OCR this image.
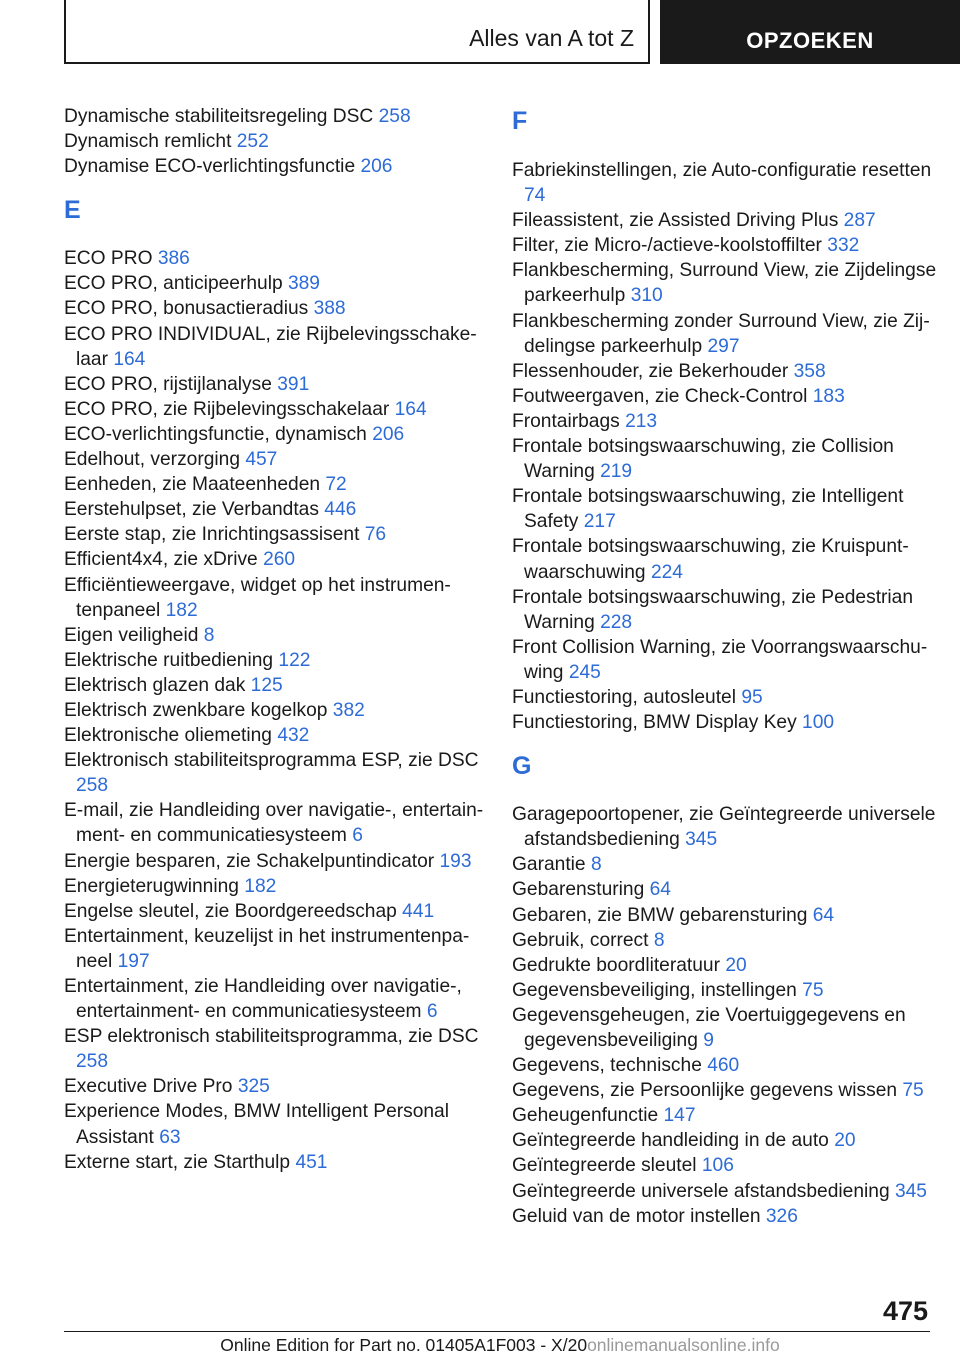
Alles van A tot Z	OPZOEKEN
Dynamische stabiliteitsregeling DSC 258
Dynamisch remlicht 252
Dynamise ECO-verlichtingsfunctie 206
E
ECO PRO 386
ECO PRO, anticipeerhulp 389
ECO PRO, bonusactieradius 388
ECO PRO INDIVIDUAL, zie Rijbelevingsschakelaar 164
ECO PRO, rijstijlanalyse 391
ECO PRO, zie Rijbelevingsschakelaar 164
ECO-verlichtingsfunctie, dynamisch 206
Edelhout, verzorging 457
Eenheden, zie Maateenheden 72
Eerstehulpset, zie Verbandtas 446
Eerste stap, zie Inrichtingsassisent 76
Efficient4x4, zie xDrive 260
Efficiëntieweergave, widget op het instrumentenpaneel 182
Eigen veiligheid 8
Elektrische ruitbediening 122
Elektrisch glazen dak 125
Elektrisch zwenkbare kogelkop 382
Elektronische oliemeting 432
Elektronisch stabiliteitsprogramma ESP, zie DSC 258
E-mail, zie Handleiding over navigatie-, entertainment- en communicatiesysteem 6
Energie besparen, zie Schakelpuntindicator 193
Energieterugwinning 182
Engelse sleutel, zie Boordgereedschap 441
Entertainment, keuzelijst in het instrumentenpaneel 197
Entertainment, zie Handleiding over navigatie-, entertainment- en communicatiesysteem 6
ESP elektronisch stabiliteitsprogramma, zie DSC 258
Executive Drive Pro 325
Experience Modes, BMW Intelligent Personal Assistant 63
Externe start, zie Starthulp 451
F
Fabriekinstellingen, zie Auto-configuratie resetten 74
Fileassistent, zie Assisted Driving Plus 287
Filter, zie Micro-/actieve-koolstoffilter 332
Flankbescherming, Surround View, zie Zijdelingse parkeerhulp 310
Flankbescherming zonder Surround View, zie Zijdelingse parkeerhulp 297
Flessenhouder, zie Bekerhouder 358
Foutweergaven, zie Check-Control 183
Frontairbags 213
Frontale botsingswaarschuwing, zie Collision Warning 219
Frontale botsingswaarschuwing, zie Intelligent Safety 217
Frontale botsingswaarschuwing, zie Kruispuntwaarschuwing 224
Frontale botsingswaarschuwing, zie Pedestrian Warning 228
Front Collision Warning, zie Voorrangswaarschuwing 245
Functiestoring, autosleutel 95
Functiestoring, BMW Display Key 100
G
Garagepoortopener, zie Geïntegreerde universele afstandsbediening 345
Garantie 8
Gebarensturing 64
Gebaren, zie BMW gebarensturing 64
Gebruik, correct 8
Gedrukte boordliteratuur 20
Gegevensbeveiliging, instellingen 75
Gegevensgeheugen, zie Voertuiggegevens en gegevensbeveiliging 9
Gegevens, technische 460
Gegevens, zie Persoonlijke gegevens wissen 75
Geheugenfunctie 147
Geïntegreerde handleiding in de auto 20
Geïntegreerde sleutel 106
Geïntegreerde universele afstandsbediening 345
Geluid van de motor instellen 326
475
Online Edition for Part no. 01405A1F003 - X/20onlinemanualsonline.info
